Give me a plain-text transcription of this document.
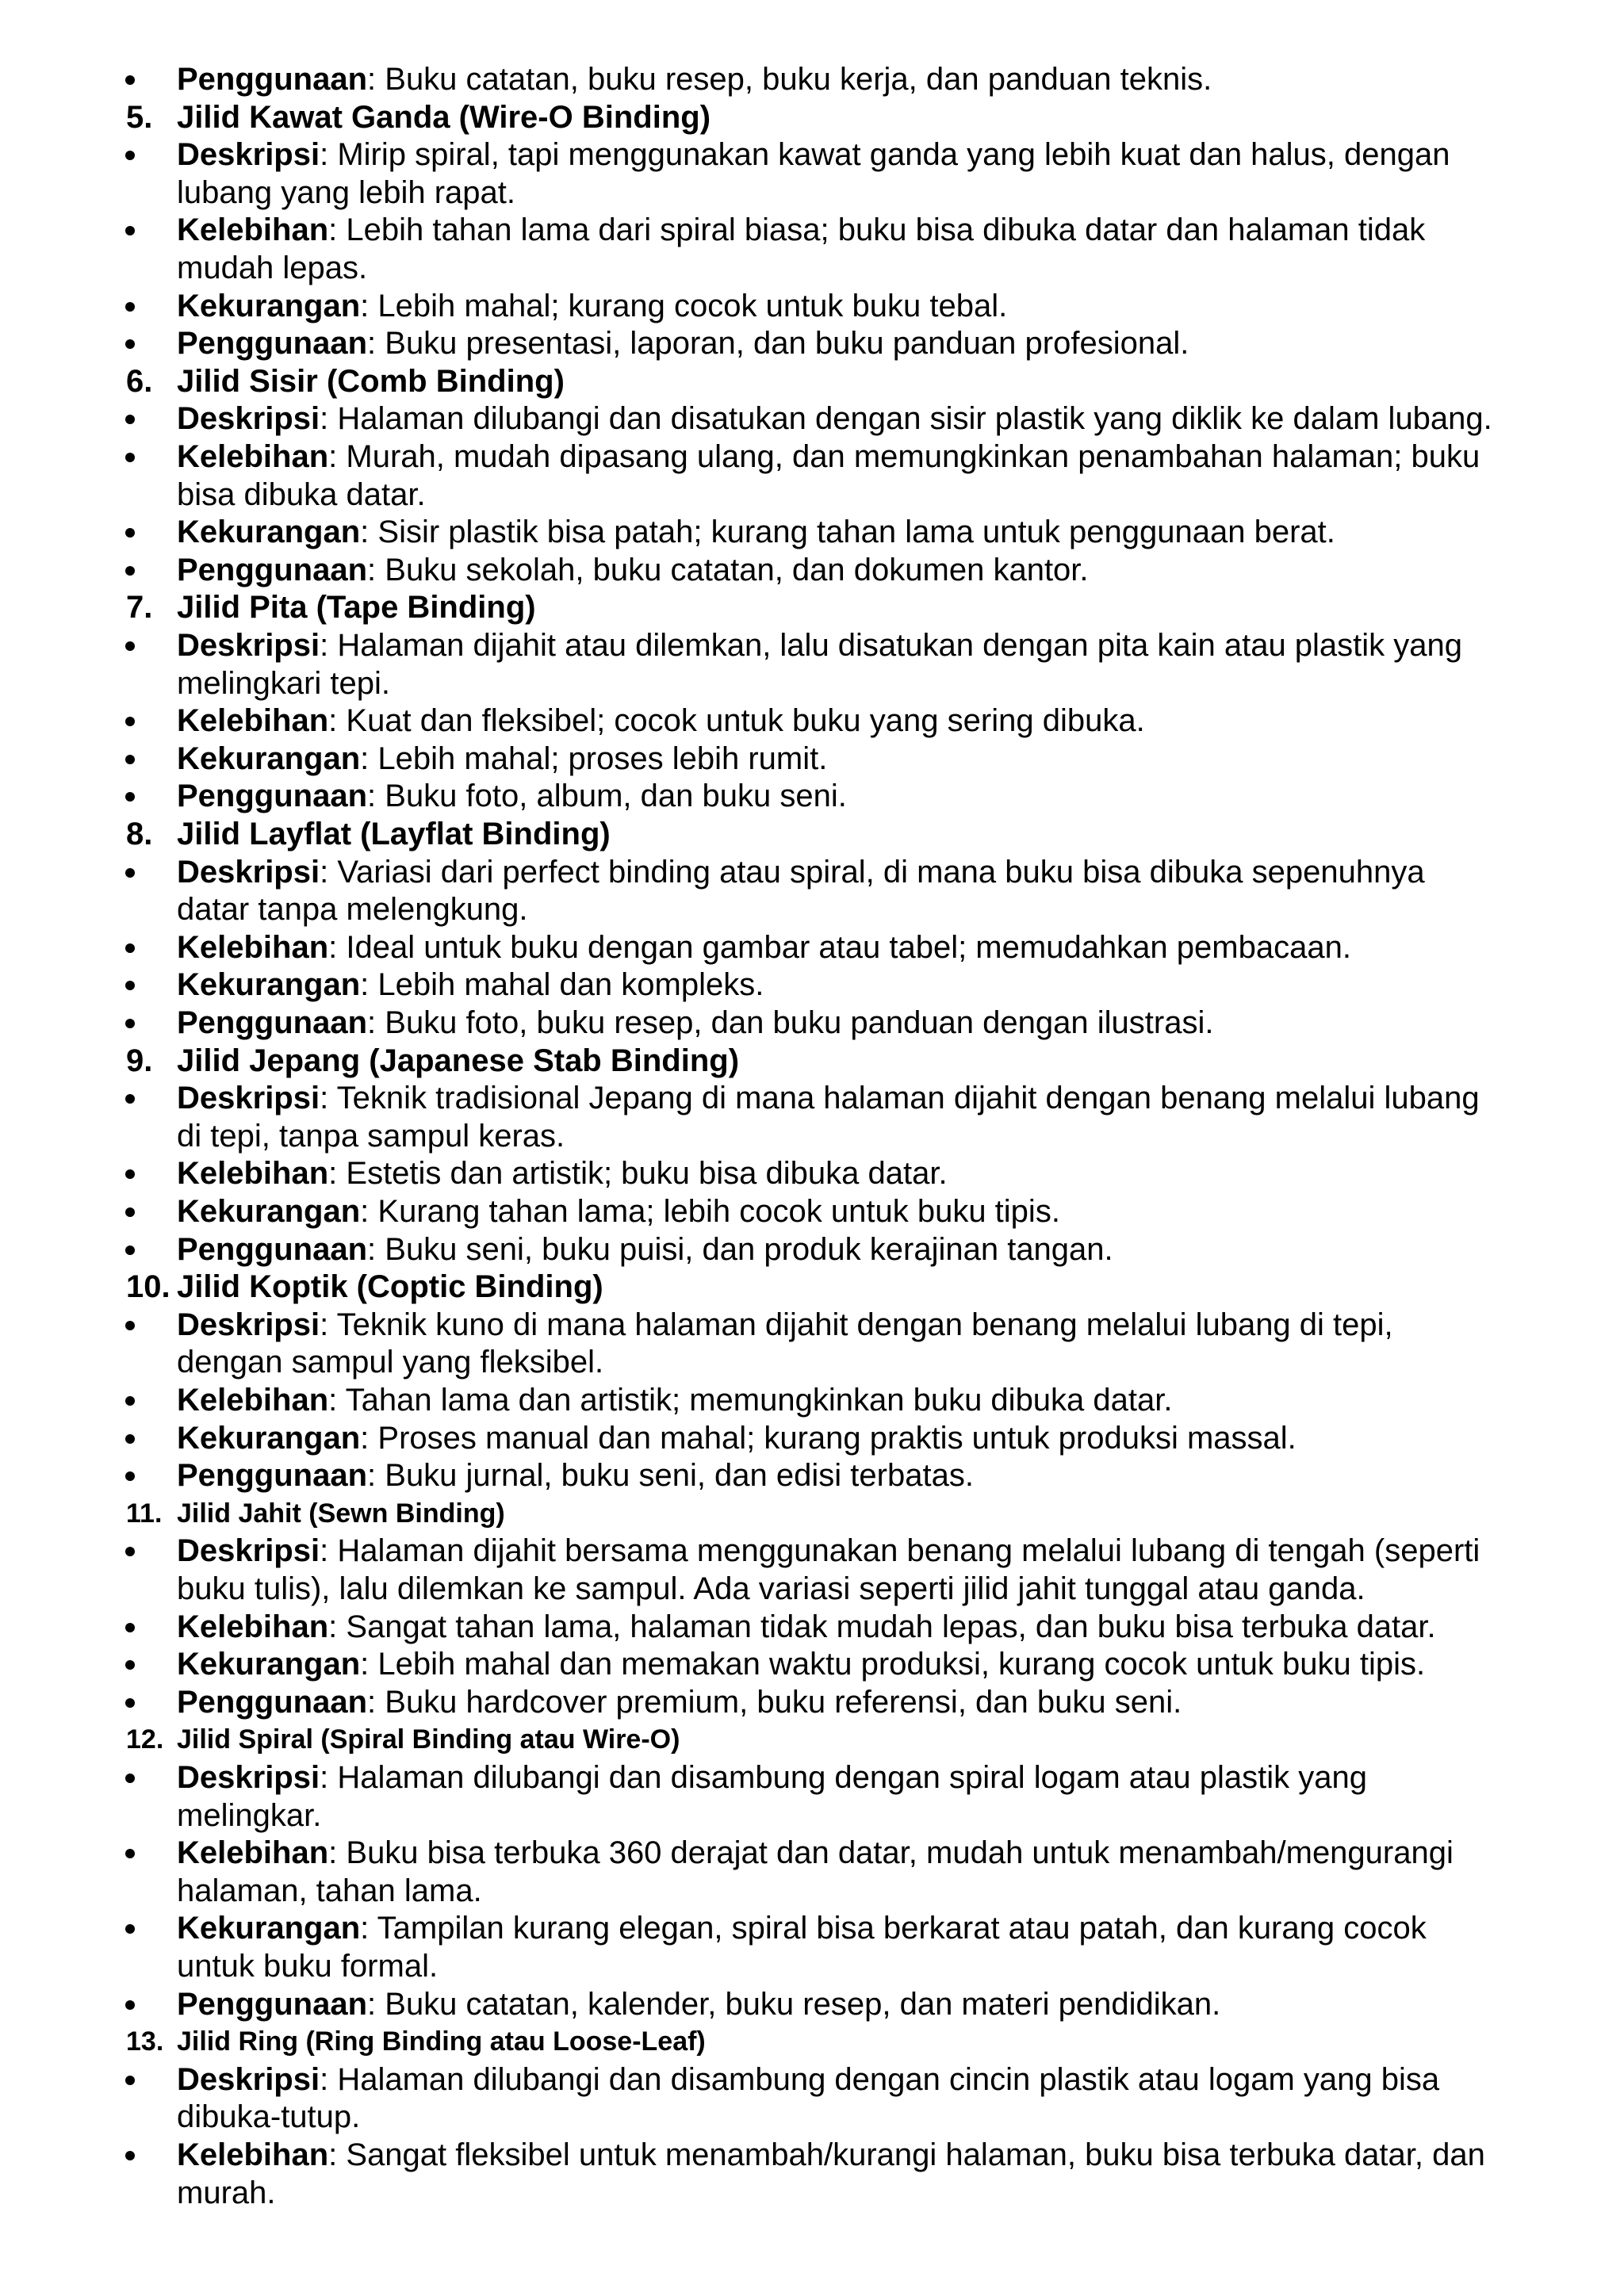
Penggunaan: Buku catatan, buku resep, buku kerja, dan panduan teknis.
5. Jilid Kawat Ganda (Wire-O Binding)
Deskripsi: Mirip spiral, tapi menggunakan kawat ganda yang lebih kuat dan halus, dengan
lubang yang lebih rapat.
Kelebihan: Lebih tahan lama dari spiral biasa; buku bisa dibuka datar dan halaman tidak
mudah lepas.
Kekurangan: Lebih mahal; kurang cocok untuk buku tebal.
Penggunaan: Buku presentasi, laporan, dan buku panduan profesional.
6. Jilid Sisir (Comb Binding)
Deskripsi: Halaman dilubangi dan disatukan dengan sisir plastik yang diklik ke dalam lubang.
Kelebihan: Murah, mudah dipasang ulang, dan memungkinkan penambahan halaman; buku
bisa dibuka datar.
Kekurangan: Sisir plastik bisa patah; kurang tahan lama untuk penggunaan berat.
Penggunaan: Buku sekolah, buku catatan, dan dokumen kantor.
7. Jilid Pita (Tape Binding)
Deskripsi: Halaman dijahit atau dilemkan, lalu disatukan dengan pita kain atau plastik yang
melingkari tepi.
Kelebihan: Kuat dan fleksibel; cocok untuk buku yang sering dibuka.
Kekurangan: Lebih mahal; proses lebih rumit.
Penggunaan: Buku foto, album, dan buku seni.
8. Jilid Layflat (Layflat Binding)
Deskripsi: Variasi dari perfect binding atau spiral, di mana buku bisa dibuka sepenuhnya
datar tanpa melengkung.
Kelebihan: Ideal untuk buku dengan gambar atau tabel; memudahkan pembacaan.
Kekurangan: Lebih mahal dan kompleks.
Penggunaan: Buku foto, buku resep, dan buku panduan dengan ilustrasi.
9. Jilid Jepang (Japanese Stab Binding)
Deskripsi: Teknik tradisional Jepang di mana halaman dijahit dengan benang melalui lubang
di tepi, tanpa sampul keras.
Kelebihan: Estetis dan artistik; buku bisa dibuka datar.
Kekurangan: Kurang tahan lama; lebih cocok untuk buku tipis.
Penggunaan: Buku seni, buku puisi, dan produk kerajinan tangan.
10. Jilid Koptik (Coptic Binding)
Deskripsi: Teknik kuno di mana halaman dijahit dengan benang melalui lubang di tepi,
dengan sampul yang fleksibel.
Kelebihan: Tahan lama dan artistik; memungkinkan buku dibuka datar.
Kekurangan: Proses manual dan mahal; kurang praktis untuk produksi massal.
Penggunaan: Buku jurnal, buku seni, dan edisi terbatas.
11. Jilid Jahit (Sewn Binding)
Deskripsi: Halaman dijahit bersama menggunakan benang melalui lubang di tengah (seperti
buku tulis), lalu dilemkan ke sampul. Ada variasi seperti jilid jahit tunggal atau ganda.
Kelebihan: Sangat tahan lama, halaman tidak mudah lepas, dan buku bisa terbuka datar.
Kekurangan: Lebih mahal dan memakan waktu produksi, kurang cocok untuk buku tipis.
Penggunaan: Buku hardcover premium, buku referensi, dan buku seni.
12. Jilid Spiral (Spiral Binding atau Wire-O)
Deskripsi: Halaman dilubangi dan disambung dengan spiral logam atau plastik yang
melingkar.
Kelebihan: Buku bisa terbuka 360 derajat dan datar, mudah untuk menambah/mengurangi
halaman, tahan lama.
Kekurangan: Tampilan kurang elegan, spiral bisa berkarat atau patah, dan kurang cocok
untuk buku formal.
Penggunaan: Buku catatan, kalender, buku resep, dan materi pendidikan.
13. Jilid Ring (Ring Binding atau Loose-Leaf)
Deskripsi: Halaman dilubangi dan disambung dengan cincin plastik atau logam yang bisa
dibuka-tutup.
Kelebihan: Sangat fleksibel untuk menambah/kurangi halaman, buku bisa terbuka datar, dan
murah.
